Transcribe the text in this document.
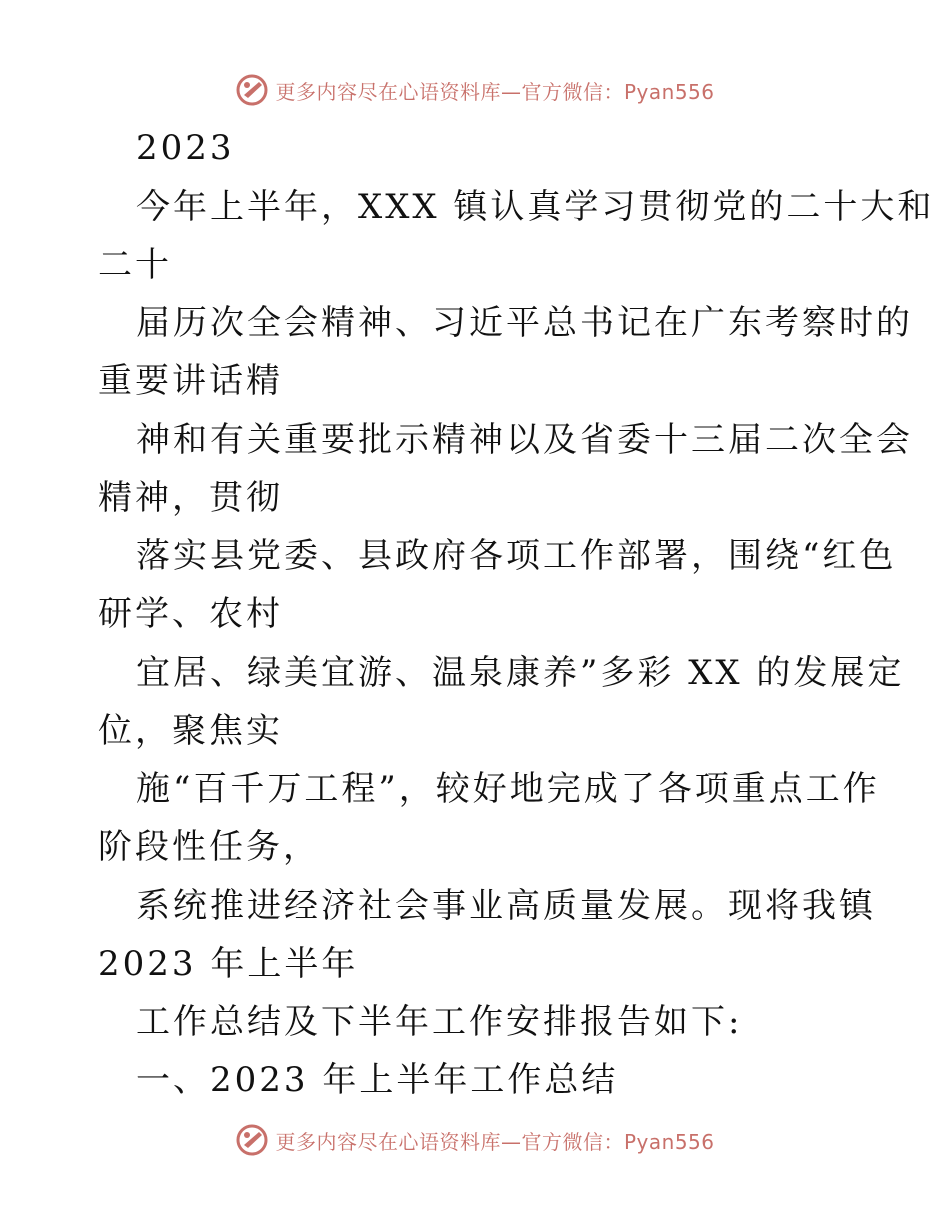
更多内容尽在心语资料库—官方微信：Pyan556
2023
今年上半年，XXX 镇认真学习贯彻党的二十大和
二十
届历次全会精神、习近平总书记在广东考察时的
重要讲话精
神和有关重要批示精神以及省委十三届二次全会
精神，贯彻
落实县党委、县政府各项工作部署，围绕“红色
研学、农村
宜居、绿美宜游、温泉康养”多彩 XX 的发展定
位，聚焦实
施“百千万工程”，较好地完成了各项重点工作
阶段性任务，
系统推进经济社会事业高质量发展。现将我镇
2023 年上半年
工作总结及下半年工作安排报告如下:
一、2023 年上半年工作总结
更多内容尽在心语资料库—官方微信：Pyan556
